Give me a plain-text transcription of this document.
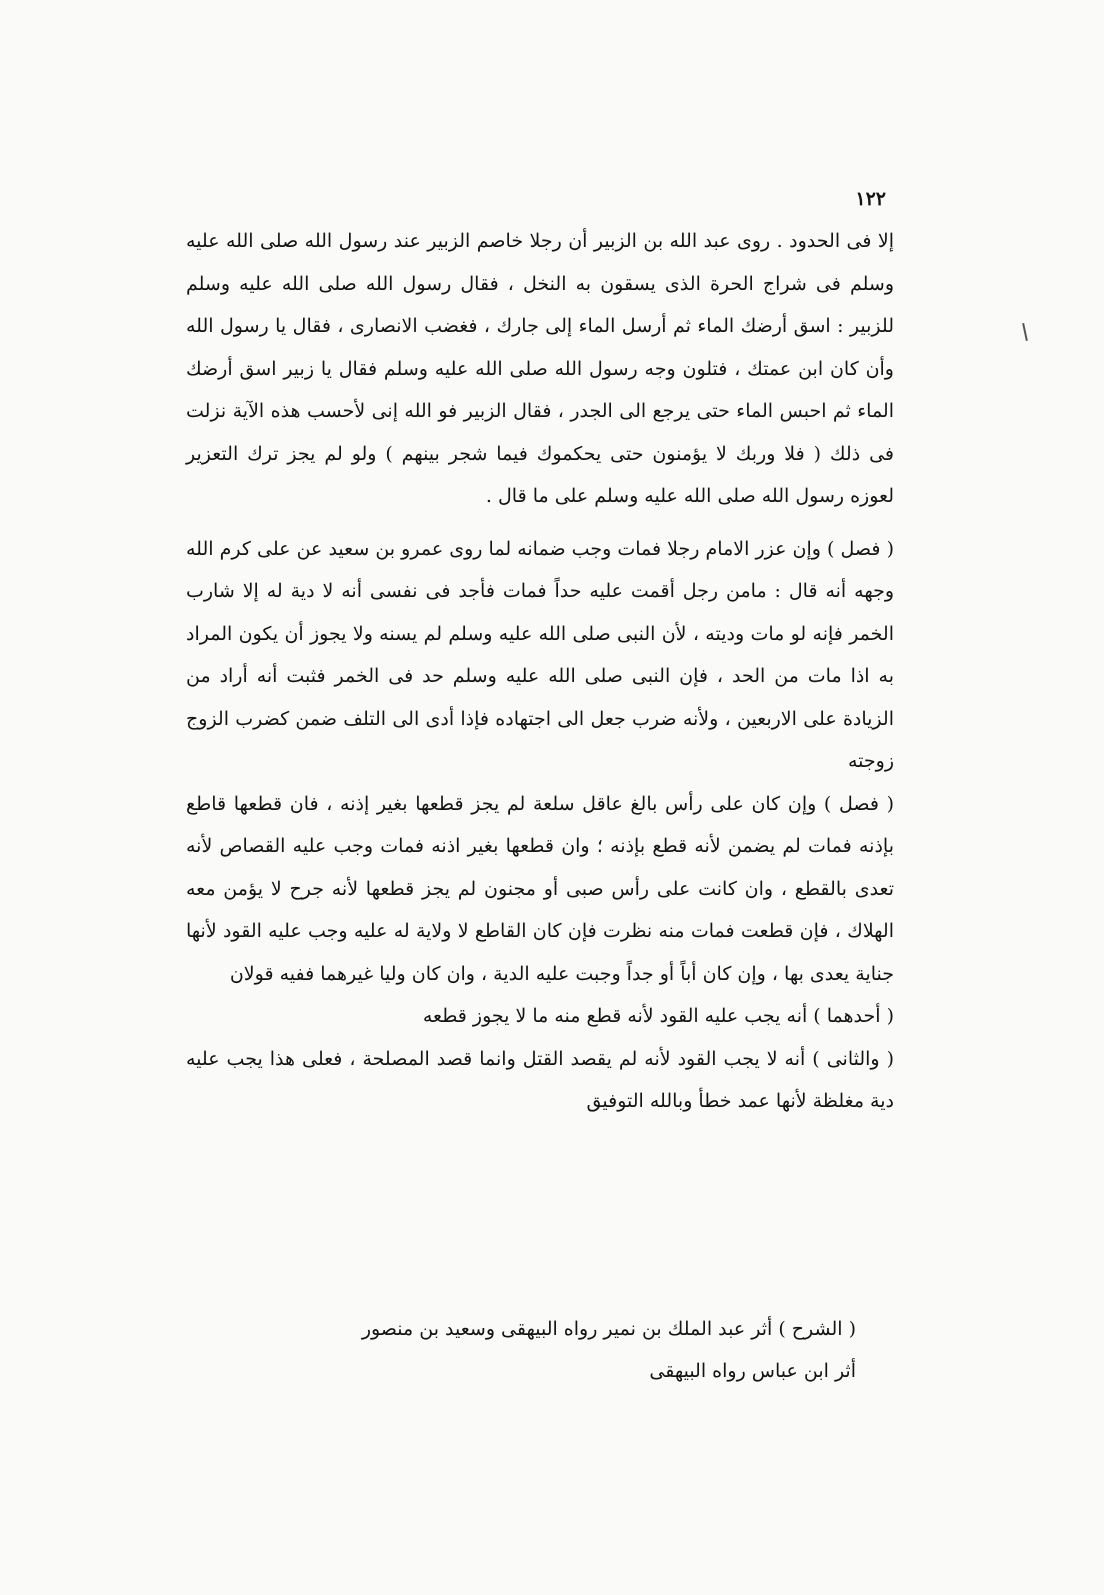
١٢٢

إلا فى الحدود . روى عبد الله بن الزبير أن رجلا خاصم الزبير عند رسول الله صلى الله عليه وسلم فى شراج الحرة الذى يسقون به النخل ، فقال رسول الله صلى الله عليه وسلم للزبير : اسق أرضك الماء ثم أرسل الماء إلى جارك ، فغضب الانصارى ، فقال يا رسول الله وأن كان ابن عمتك ، فتلون وجه رسول الله صلى الله عليه وسلم فقال يا زبير اسق أرضك الماء ثم احبس الماء حتى يرجع الى الجدر ، فقال الزبير فو الله إنى لأحسب هذه الآية نزلت فى ذلك ( فلا وربك لا يؤمنون حتى يحكموك فيما شجر بينهم ) ولو لم يجز ترك التعزير لعوزه رسول الله صلى الله عليه وسلم على ما قال .

( فصل ) وإن عزر الامام رجلا فمات وجب ضمانه لما روى عمرو بن سعيد عن على كرم الله وجهه أنه قال : مامن رجل أقمت عليه حداً فمات فأجد فى نفسى أنه لا دية له إلا شارب الخمر فإنه لو مات وديته ، لأن النبى صلى الله عليه وسلم لم يسنه ولا يجوز أن يكون المراد به اذا مات من الحد ، فإن النبى صلى الله عليه وسلم حد فى الخمر فثبت أنه أراد من الزيادة على الاربعين ، ولأنه ضرب جعل الى اجتهاده فإذا أدى الى التلف ضمن كضرب الزوج زوجته

( فصل ) وإن كان على رأس بالغ عاقل سلعة لم يجز قطعها بغير إذنه ، فان قطعها قاطع بإذنه فمات لم يضمن لأنه قطع بإذنه ؛ وان قطعها بغير اذنه فمات وجب عليه القصاص لأنه تعدى بالقطع ، وان كانت على رأس صبى أو مجنون لم يجز قطعها لأنه جرح لا يؤمن معه الهلاك ، فإن قطعت فمات منه نظرت فإن كان القاطع لا ولاية له عليه وجب عليه القود لأنها جناية يعدى بها ، وإن كان أباً أو جداً وجبت عليه الدية ، وان كان وليا غيرهما ففيه قولان

( أحدهما ) أنه يجب عليه القود لأنه قطع منه ما لا يجوز قطعه

( والثانى ) أنه لا يجب القود لأنه لم يقصد القتل وانما قصد المصلحة ، فعلى هذا يجب عليه دية مغلظة لأنها عمد خطأ وبالله التوفيق

( الشرح ) أثر عبد الملك بن نمير رواه البيهقى وسعيد بن منصور

أثر ابن عباس رواه البيهقى
